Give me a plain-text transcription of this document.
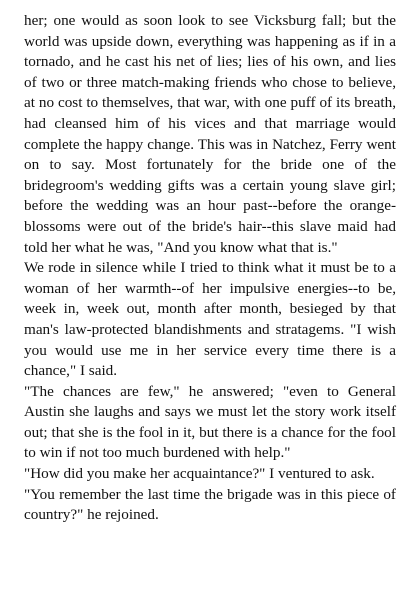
her; one would as soon look to see Vicksburg fall; but the world was upside down, everything was happening as if in a tornado, and he cast his net of lies; lies of his own, and lies of two or three match-making friends who chose to believe, at no cost to themselves, that war, with one puff of its breath, had cleansed him of his vices and that marriage would complete the happy change. This was in Natchez, Ferry went on to say. Most fortunately for the bride one of the bridegroom's wedding gifts was a certain young slave girl; before the wedding was an hour past--before the orange-blossoms were out of the bride's hair--this slave maid had told her what he was, "And you know what that is."

We rode in silence while I tried to think what it must be to a woman of her warmth--of her impulsive energies--to be, week in, week out, month after month, besieged by that man's law-protected blandishments and stratagems. "I wish you would use me in her service every time there is a chance," I said.

"The chances are few," he answered; "even to General Austin she laughs and says we must let the story work itself out; that she is the fool in it, but there is a chance for the fool to win if not too much burdened with help."

"How did you make her acquaintance?" I ventured to ask.

"You remember the last time the brigade was in this piece of country?" he rejoined.
